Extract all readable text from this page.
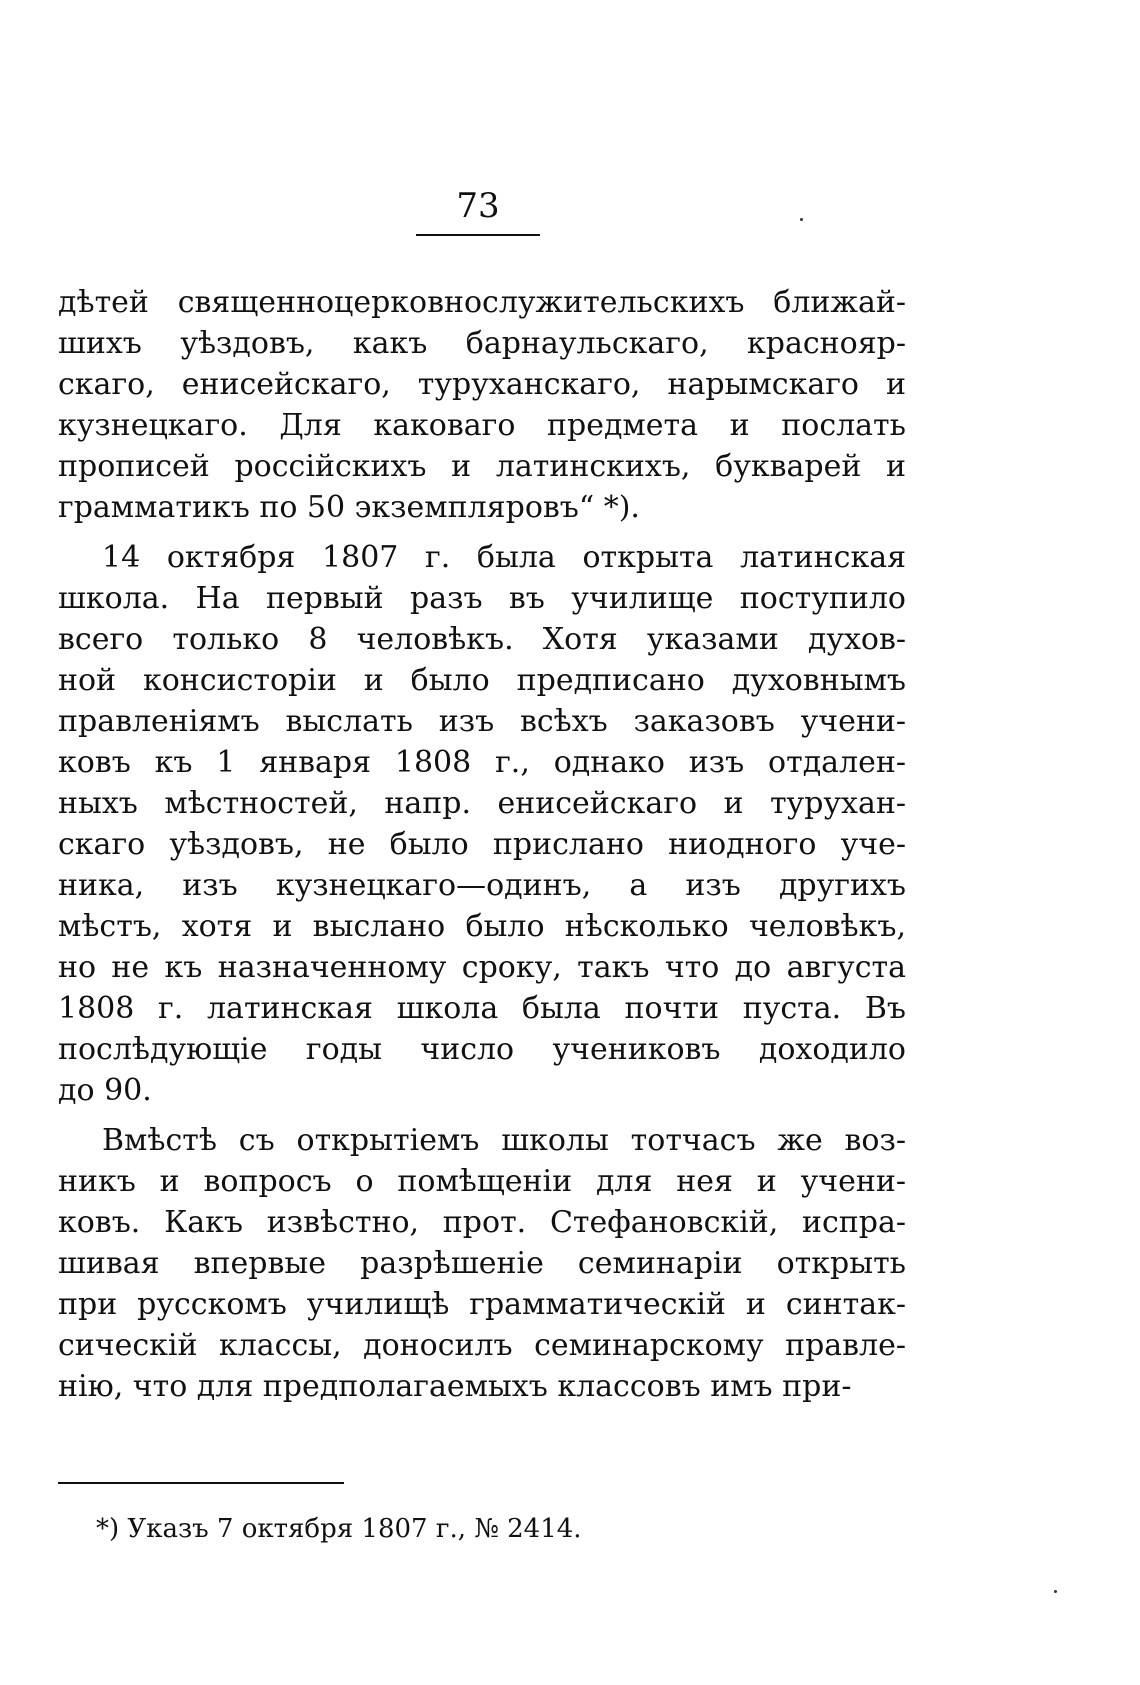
73
дѣтей священноцерковнослужительскихъ ближай-
шихъ уѣздовъ, какъ барнаульскаго, краснояр-
скаго, енисейскаго, туруханскаго, нарымскаго и
кузнецкаго. Для каковаго предмета и послать
прописей россійскихъ и латинскихъ, букварей и
грамматикъ по 50 экземпляровъ“ *).
14 октября 1807 г. была открыта латинская
школа. На первый разъ въ училище поступило
всего только 8 человѣкъ. Хотя указами духов-
ной консисторіи и было предписано духовнымъ
правленіямъ выслать изъ всѣхъ заказовъ учени-
ковъ къ 1 января 1808 г., однако изъ отдален-
ныхъ мѣстностей, напр. енисейскаго и турухан-
скаго уѣздовъ, не было прислано ниодного уче-
ника, изъ кузнецкаго—одинъ, а изъ другихъ
мѣстъ, хотя и выслано было нѣсколько человѣкъ,
но не къ назначенному сроку, такъ что до августа
1808 г. латинская школа была почти пуста. Въ
послѣдующіе годы число учениковъ доходило
до 90.
Вмѣстѣ съ открытіемъ школы тотчасъ же воз-
никъ и вопросъ о помѣщеніи для нея и учени-
ковъ. Какъ извѣстно, прот. Стефановскій, испра-
шивая впервые разрѣшеніе семинаріи открыть
при русскомъ училищѣ грамматическій и синтак-
сическій классы, доносилъ семинарскому правле-
нію, что для предполагаемыхъ классовъ имъ при-
*) Указъ 7 октября 1807 г., № 2414.
